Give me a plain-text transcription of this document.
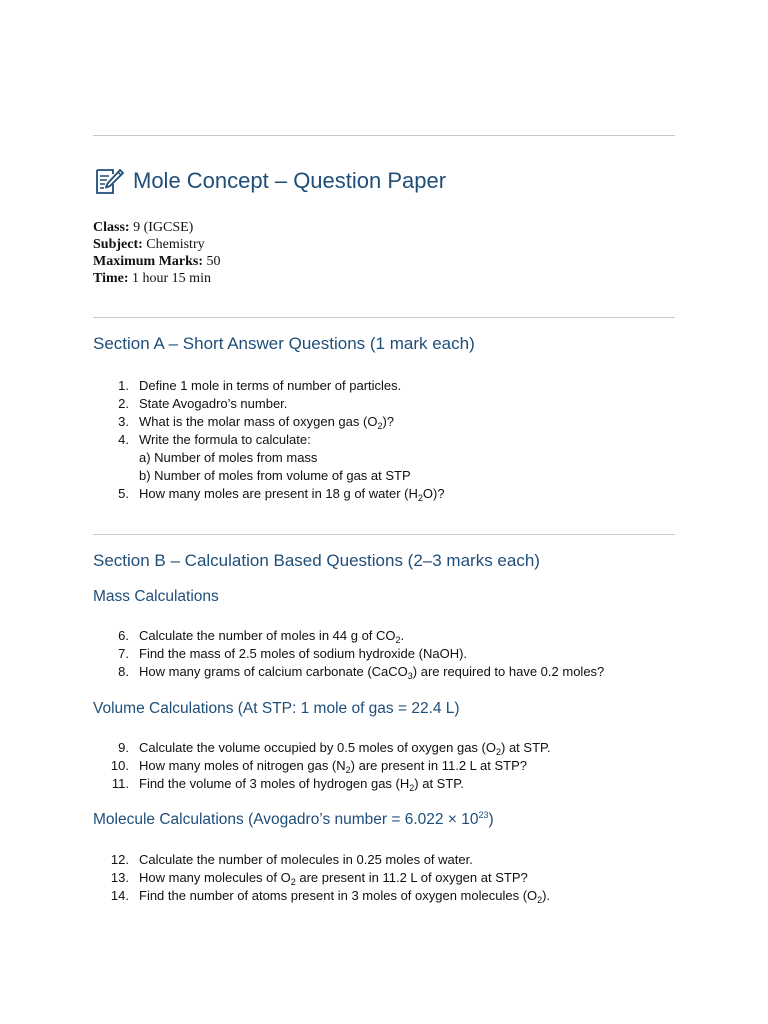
Mole Concept – Question Paper
Class: 9 (IGCSE)
Subject: Chemistry
Maximum Marks: 50
Time: 1 hour 15 min
Section A – Short Answer Questions (1 mark each)
1. Define 1 mole in terms of number of particles.
2. State Avogadro’s number.
3. What is the molar mass of oxygen gas $(O_2)$?
4. Write the formula to calculate:
a) Number of moles from mass
b) Number of moles from volume of gas at STP
5. How many moles are present in 18 g of water $(H_2O)$?
Section B – Calculation Based Questions (2–3 marks each)
Mass Calculations
6. Calculate the number of moles in 44 g of $CO_2$.
7. Find the mass of 2.5 moles of sodium hydroxide (NaOH).
8. How many grams of calcium carbonate (CaCO$_3$) are required to have 0.2 moles?
Volume Calculations (At STP: 1 mole of gas = 22.4 L)
9. Calculate the volume occupied by 0.5 moles of oxygen gas $(O_2)$ at STP.
10. How many moles of nitrogen gas $(N_2)$ are present in 11.2 L at STP?
11. Find the volume of 3 moles of hydrogen gas $(H_2)$ at STP.
Molecule Calculations (Avogadro’s number = $6.022 \times 10^{23}$)
12. Calculate the number of molecules in 0.25 moles of water.
13. How many molecules of $O_2$ are present in 11.2 L of oxygen at STP?
14. Find the number of atoms present in 3 moles of oxygen molecules $(O_2)$.
